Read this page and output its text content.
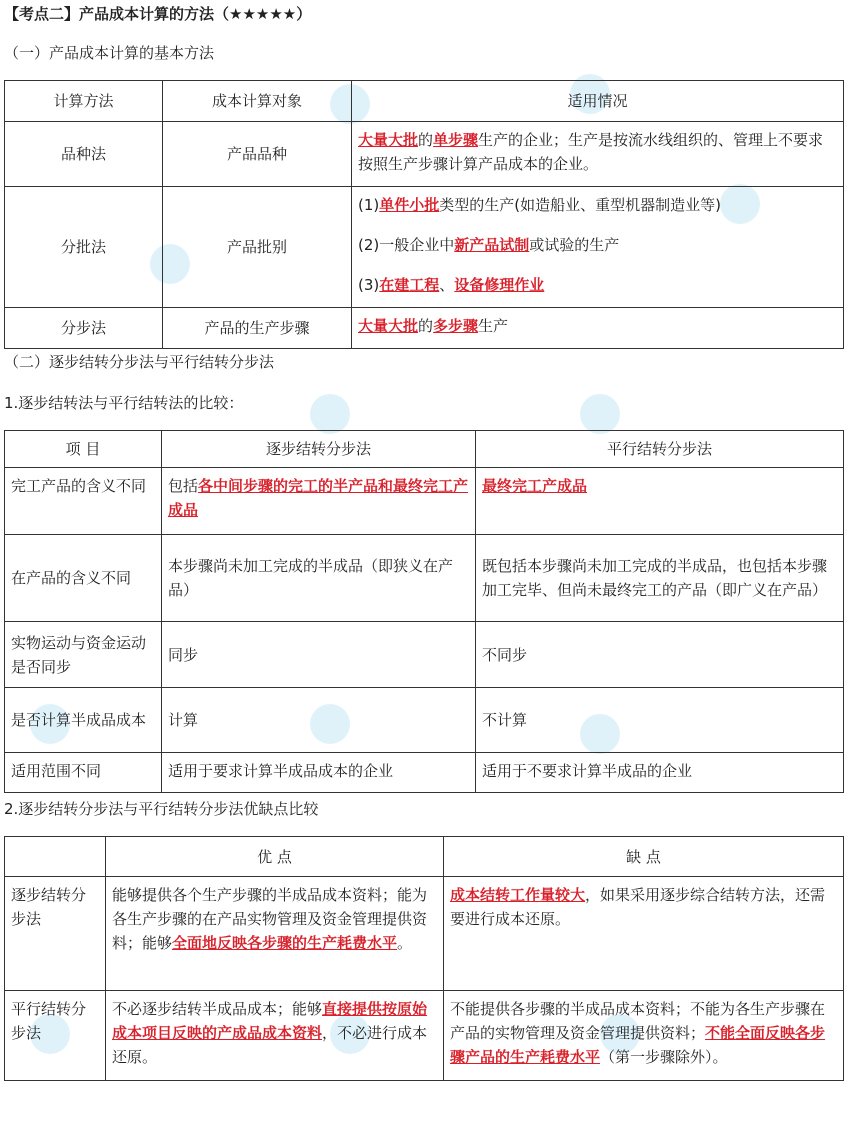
【考点二】产品成本计算的方法（★★★★★）
（一）产品成本计算的基本方法
计算方法	成本计算对象	适用情况
品种法	产品品种	大量大批的单步骤生产的企业；生产是按流水线组织的、管理上不要求按照生产步骤计算产品成本的企业。
分批法	产品批别	(1)单件小批类型的生产(如造船业、重型机器制造业等)

(2)一般企业中新产品试制或试验的生产

(3)在建工程、设备修理作业

分步法	产品的生产步骤	大量大批的多步骤生产
（二）逐步结转分步法与平行结转分步法
1.逐步结转法与平行结转法的比较：
项 目	逐步结转分步法	平行结转分步法
完工产品的含义不同	包括各中间步骤的完工的半产品和最终完工产成品	最终完工产成品
在产品的含义不同	本步骤尚未加工完成的半成品（即狭义在产品）	既包括本步骤尚未加工完成的半成品，也包括本步骤加工完毕、但尚未最终完工的产品（即广义在产品）
实物运动与资金运动是否同步	同步	不同步
是否计算半成品成本	计算	不计算
适用范围不同	适用于要求计算半成品成本的企业	适用于不要求计算半成品的企业
2.逐步结转分步法与平行结转分步法优缺点比较
	优 点	缺 点
逐步结转分步法	能够提供各个生产步骤的半成品成本资料；能为各生产步骤的在产品实物管理及资金管理提供资料；能够全面地反映各步骤的生产耗费水平。	成本结转工作量较大，如果采用逐步综合结转方法，还需要进行成本还原。
平行结转分步法	不必逐步结转半成品成本；能够直接提供按原始成本项目反映的产成品成本资料，不必进行成本还原。	不能提供各步骤的半成品成本资料；不能为各生产步骤在产品的实物管理及资金管理提供资料；不能全面反映各步骤产品的生产耗费水平（第一步骤除外）。
